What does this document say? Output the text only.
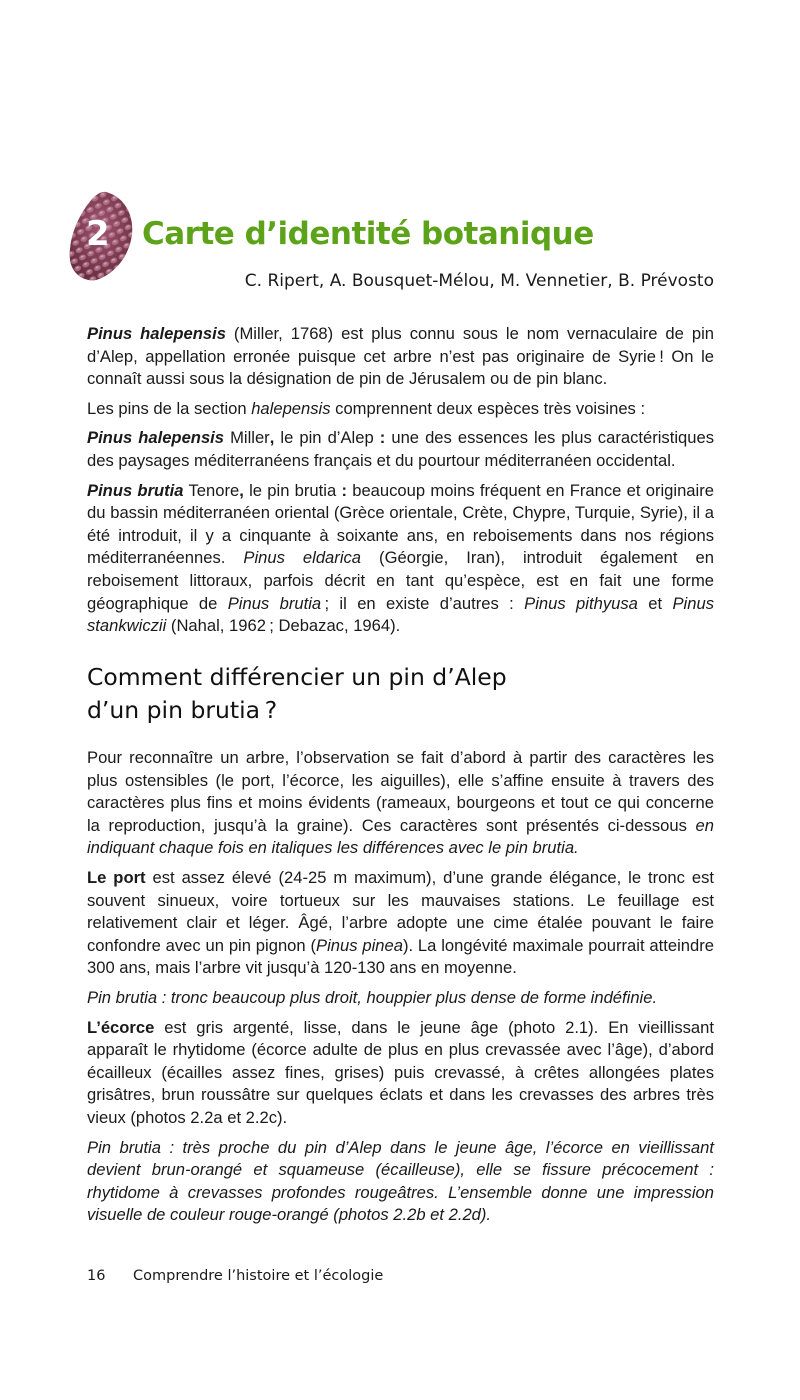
2 Carte d’identité botanique
C. Ripert, A. Bousquet-Mélou, M. Vennetier, B. Prévosto

Pinus halepensis (Miller, 1768) est plus connu sous le nom vernaculaire de pin d’Alep, appellation erronée puisque cet arbre n’est pas originaire de Syrie ! On le connaît aussi sous la désignation de pin de Jérusalem ou de pin blanc.

Les pins de la section halepensis comprennent deux espèces très voisines :

Pinus halepensis Miller, le pin d’Alep : une des essences les plus caractéristiques des paysages méditerranéens français et du pourtour méditerranéen occidental.

Pinus brutia Tenore, le pin brutia : beaucoup moins fréquent en France et originaire du bassin méditerranéen oriental (Grèce orientale, Crète, Chypre, Turquie, Syrie), il a été introduit, il y a cinquante à soixante ans, en reboisements dans nos régions méditerranéennes. Pinus eldarica (Géorgie, Iran), introduit également en reboisement littoraux, parfois décrit en tant qu’espèce, est en fait une forme géographique de Pinus brutia ; il en existe d’autres : Pinus pithyusa et Pinus stankwiczii (Nahal, 1962 ; Debazac, 1964).

Comment différencier un pin d’Alep
d’un pin brutia ?

Pour reconnaître un arbre, l’observation se fait d’abord à partir des caractères les plus ostensibles (le port, l’écorce, les aiguilles), elle s’affine ensuite à travers des caractères plus fins et moins évidents (rameaux, bourgeons et tout ce qui concerne la reproduction, jusqu’à la graine). Ces caractères sont présentés ci-dessous en indiquant chaque fois en italiques les différences avec le pin brutia.

Le port est assez élevé (24-25 m maximum), d’une grande élégance, le tronc est souvent sinueux, voire tortueux sur les mauvaises stations. Le feuillage est relativement clair et léger. Âgé, l’arbre adopte une cime étalée pouvant le faire confondre avec un pin pignon (Pinus pinea). La longévité maximale pourrait atteindre 300 ans, mais l’arbre vit jusqu’à 120-130 ans en moyenne.

Pin brutia : tronc beaucoup plus droit, houppier plus dense de forme indéfinie.

L’écorce est gris argenté, lisse, dans le jeune âge (photo 2.1). En vieillissant apparaît le rhytidome (écorce adulte de plus en plus crevassée avec l’âge), d’abord écailleux (écailles assez fines, grises) puis crevassé, à crêtes allongées plates grisâtres, brun roussâtre sur quelques éclats et dans les crevasses des arbres très vieux (photos 2.2a et 2.2c).

Pin brutia : très proche du pin d’Alep dans le jeune âge, l’écorce en vieillissant devient brun-orangé et squameuse (écailleuse), elle se fissure précocement : rhytidome à crevasses profondes rougeâtres. L’ensemble donne une impression visuelle de couleur rouge-orangé (photos 2.2b et 2.2d).

16 Comprendre l’histoire et l’écologie
